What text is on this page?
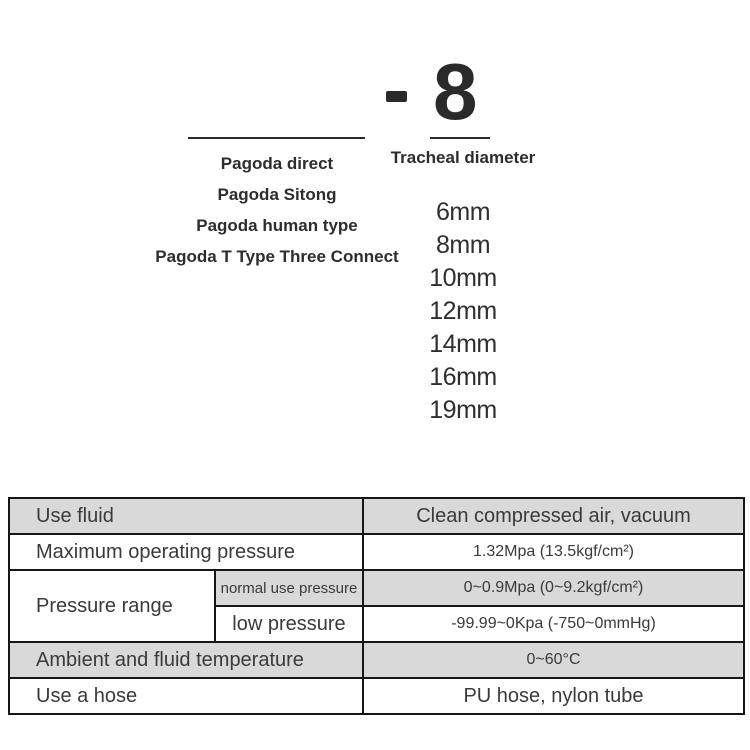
8
Tracheal diameter
Pagoda direct
Pagoda Sitong
Pagoda human type
Pagoda T Type Three Connect
6mm
8mm
10mm
12mm
14mm
16mm
19mm
Use fluid		Clean compressed air, vacuum
Maximum operating pressure		1.32Mpa (13.5kgf/cm²)
Pressure range	normal use pressure	0~0.9Mpa (0~9.2kgf/cm²)
	low pressure	-99.99~0Kpa (-750~0mmHg)
Ambient and fluid temperature		0~60°C
Use a hose		PU hose, nylon tube
